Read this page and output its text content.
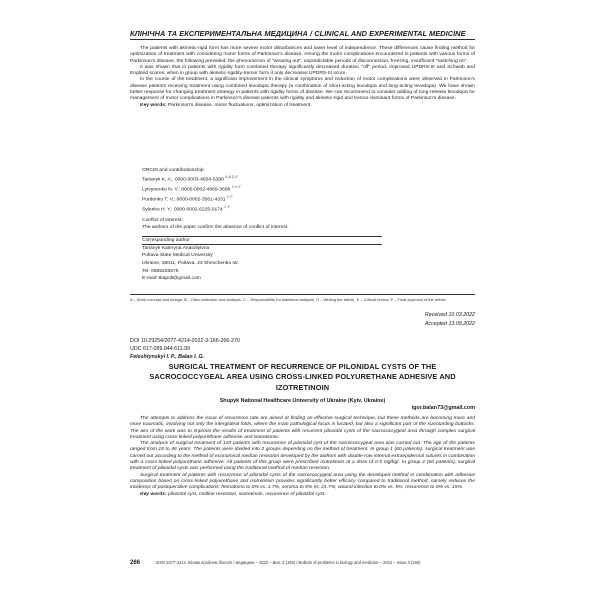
КЛІНІЧНА ТА ЕКСПЕРИМЕНТАЛЬНА МЕДИЦИНА / CLINICAL AND EXPERIMENTAL MEDICINE

The patients with akinetic-rigid form has more severe motor disturbances and lower level of independence. These differences cause finding method for optimization of treatment with considering motor forms of Parkinson's disease. Among the motor complications encountered in patients with various forms of Parkinson's disease, the following prevailed: the phenomenon of "wearing out", unpredictable periods of disconnection, freezing, insufficient "switching on".

It was shown that in patients with rigidity form combined therapy significantly decreased duration "off" period, improved UPDRS-III and Schwab and England scores, when in group with akinetic-rigidity-tremor form it only decreases UPDRS-III score.

In the course of the treatment, a significant improvement in the clinical symptoms and reduction of motor complications were observed in Parkinson's disease patients receiving treatment using combined levodopa therapy (a combination of short-acting levodopa and long-acting levodopa). We have shown better response for changing treatment strategy in patients with rigidity forms of disease. We can recommend to consider adding of long-release levodopa for management of motor complications in Parkinson's disease patients with rigidity and akinetic-rigid and tremor-dominant forms of Parkinson's disease.

Key words: Parkinson's disease, motor fluctuations, optimization of treatment.

ORCID and contributionship:
Tarianyk K. A.: 0000-0003-4604-5398 $^{A,B,D,F}$
Lytvynenko N. V.: 0000-0002-4889-3608 $^{C,E,F}$
Purdenko T. V.: 0000-0002-3561-4331 $^{C,F}$
Sylenko H. Y.: 0000-0002-6225-0174 $^{C,F}$
Conflict of interest:
The authors of the paper confirm the absence of conflict of interest.
Corresponding author
Tarianyk Kateryna Anatoliyivna
Poltava State Medical University
Ukraine, 36011, Poltava, 23 Shevchenko str.
Tel: 0669226575
E-mail: tkapolt@gmail.com
A – Work concept and design, B – Data collection and analysis, C – Responsibility for statistical analysis, D – Writing the article, E – Critical review, F – Final approval of the article.
Received 10.03.2022
Accepted 13.09.2022
DOI 10.29254/2077-4214-2022-3-166-266-270
UDC 617-089.844:611.99
Feleshtynskyi I. P., Balan I. G.
SURGICAL TREATMENT OF RECURRENCE OF PILONIDAL CYSTS OF THE SACROCOCCYGEAL AREA USING CROSS-LINKED POLYURETHANE ADHESIVE AND IZOTRETINOIN
Shupyk National Healthcare University of Ukraine (Kyiv, Ukraine)
igor.balan73@gmail.com

The attempts to address the issue of recurrence rate are aimed at finding an effective surgical technique, but these methods are becoming more and more traumatic, involving not only the intergluteal folds, where the main pathological focus is located, but also a significant part of the surrounding buttocks. The aim of the work was to improve the results of treatment of patients with recurrent pilonidal cysts of the sacrococcygeal area through complex surgical treatment using cross-linked polyurethane adhesive and isotretinoin.

The analysis of surgical treatment of 120 patients with recurrence of pilonidal cyst of the sacrococcygeal area was carried out. The age of the patients ranged from 18 to 46 years. The patients were divided into 2 groups depending on the method of treatment. In group 1 (60 patients), surgical treatment was carried out according to the method of economical median resection developed by the authors with double-row internal extraepidermal sutures in combination with a cross-linked polyurethane adhesive. All patients of this group were prescribed isotretinoin at a dose of 0.5 mg/kg/. In group 2 (60 patients), surgical treatment of pilonidal cysts was performed using the traditional method of median resection.

Surgical treatment of patients with recurrence of pilonidal cysts of the sacrococcygeal area using the developed method in combination with adhesive composition based on cross-linked polyurethane and isotretinoin provides significantly better efficacy compared to traditional method, namely reduces the incidence of postoperative complications: hematoma to 0% vs. 1.7%, seroma to 5% vs. 21.7%, wound infection to 0% vs. 5%, recurrence to 0% vs. 15%.

Key words: pilonidal cyst, midline resection, isotretinoin, recurrence of pilonidal cyst.

266	ISSN 2077-4214. Вісник проблем біології і медицини – 2022 – Вип. 3 (166) / Bulletin of problems in biology and medicine – 2022 – Issue 3 (166)
